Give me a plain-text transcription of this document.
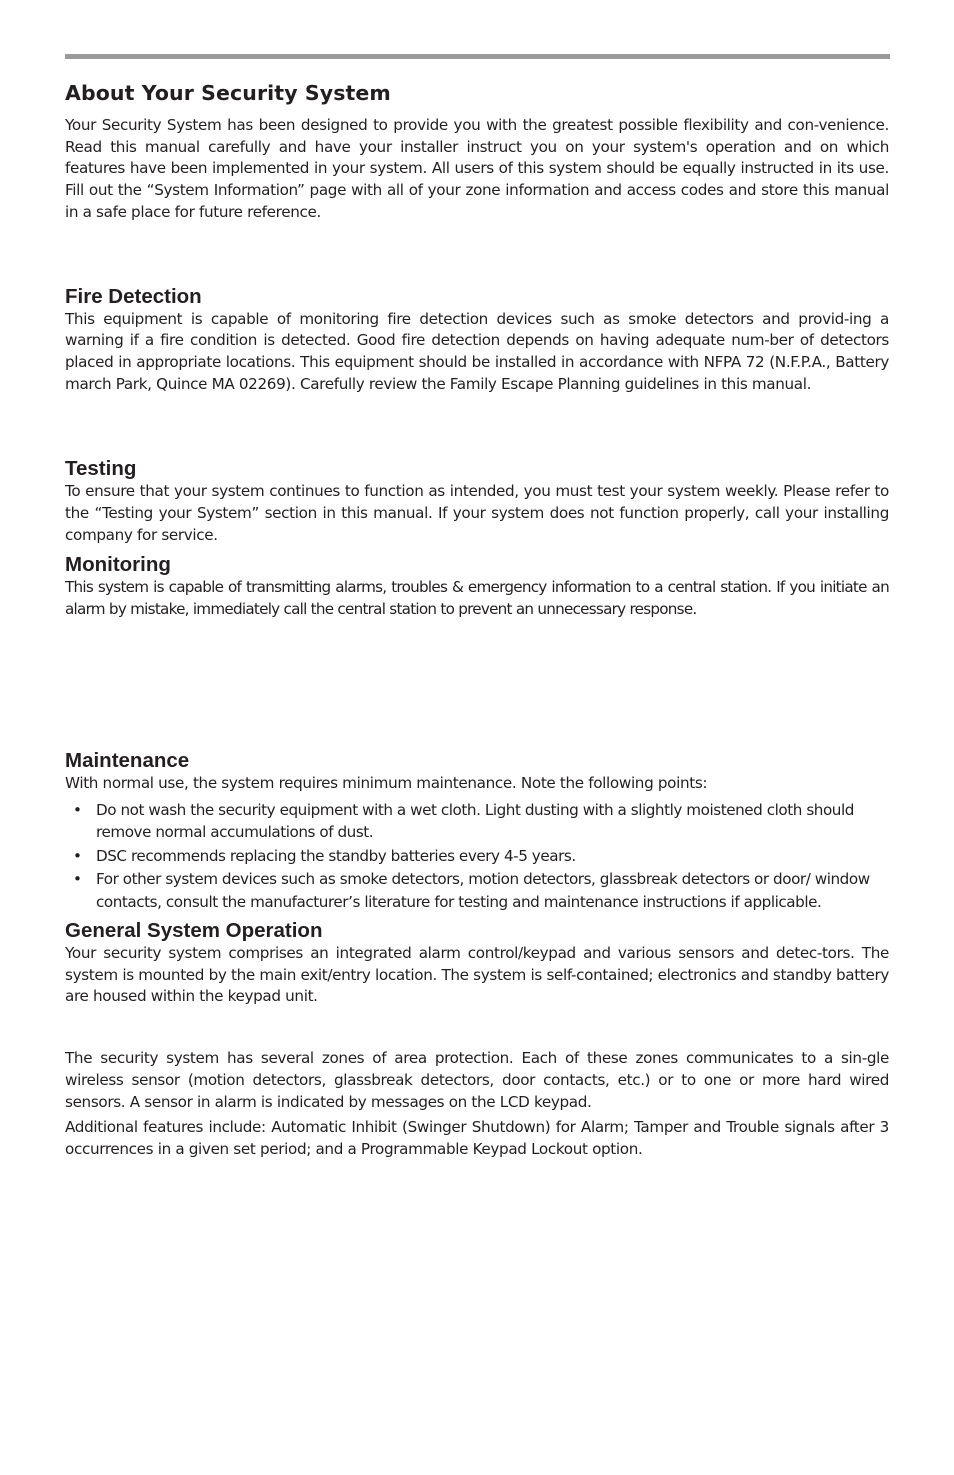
About Your Security System

Your Security System has been designed to provide you with the greatest possible flexibility and con-venience. Read this manual carefully and have your installer instruct you on your system's operation and on which features have been implemented in your system. All users of this system should be equally instructed in its use. Fill out the “System Information” page with all of your zone information and access codes and store this manual in a safe place for future reference.

Fire Detection

This equipment is capable of monitoring fire detection devices such as smoke detectors and provid-ing a warning if a fire condition is detected. Good fire detection depends on having adequate num-ber of detectors placed in appropriate locations. This equipment should be installed in accordance with NFPA 72 (N.F.P.A., Battery march Park, Quince MA 02269). Carefully review the Family Escape Planning guidelines in this manual.

Testing

To ensure that your system continues to function as intended, you must test your system weekly. Please refer to the “Testing your System” section in this manual. If your system does not function properly, call your installing company for service.

Monitoring

This system is capable of transmitting alarms, troubles & emergency information to a central station. If you initiate an alarm by mistake, immediately call the central station to prevent an unnecessary response.

Maintenance

With normal use, the system requires minimum maintenance. Note the following points:

• Do not wash the security equipment with a wet cloth. Light dusting with a slightly moistened cloth should remove normal accumulations of dust.
• DSC recommends replacing the standby batteries every 4-5 years.
• For other system devices such as smoke detectors, motion detectors, glassbreak detectors or door/ window contacts, consult the manufacturer’s literature for testing and maintenance instructions if applicable.
General System Operation

Your security system comprises an integrated alarm control/keypad and various sensors and detec-tors. The system is mounted by the main exit/entry location. The system is self-contained; electronics and standby battery are housed within the keypad unit.

The security system has several zones of area protection. Each of these zones communicates to a sin-gle wireless sensor (motion detectors, glassbreak detectors, door contacts, etc.) or to one or more hard wired sensors. A sensor in alarm is indicated by messages on the LCD keypad.

Additional features include: Automatic Inhibit (Swinger Shutdown) for Alarm; Tamper and Trouble signals after 3 occurrences in a given set period; and a Programmable Keypad Lockout option.
